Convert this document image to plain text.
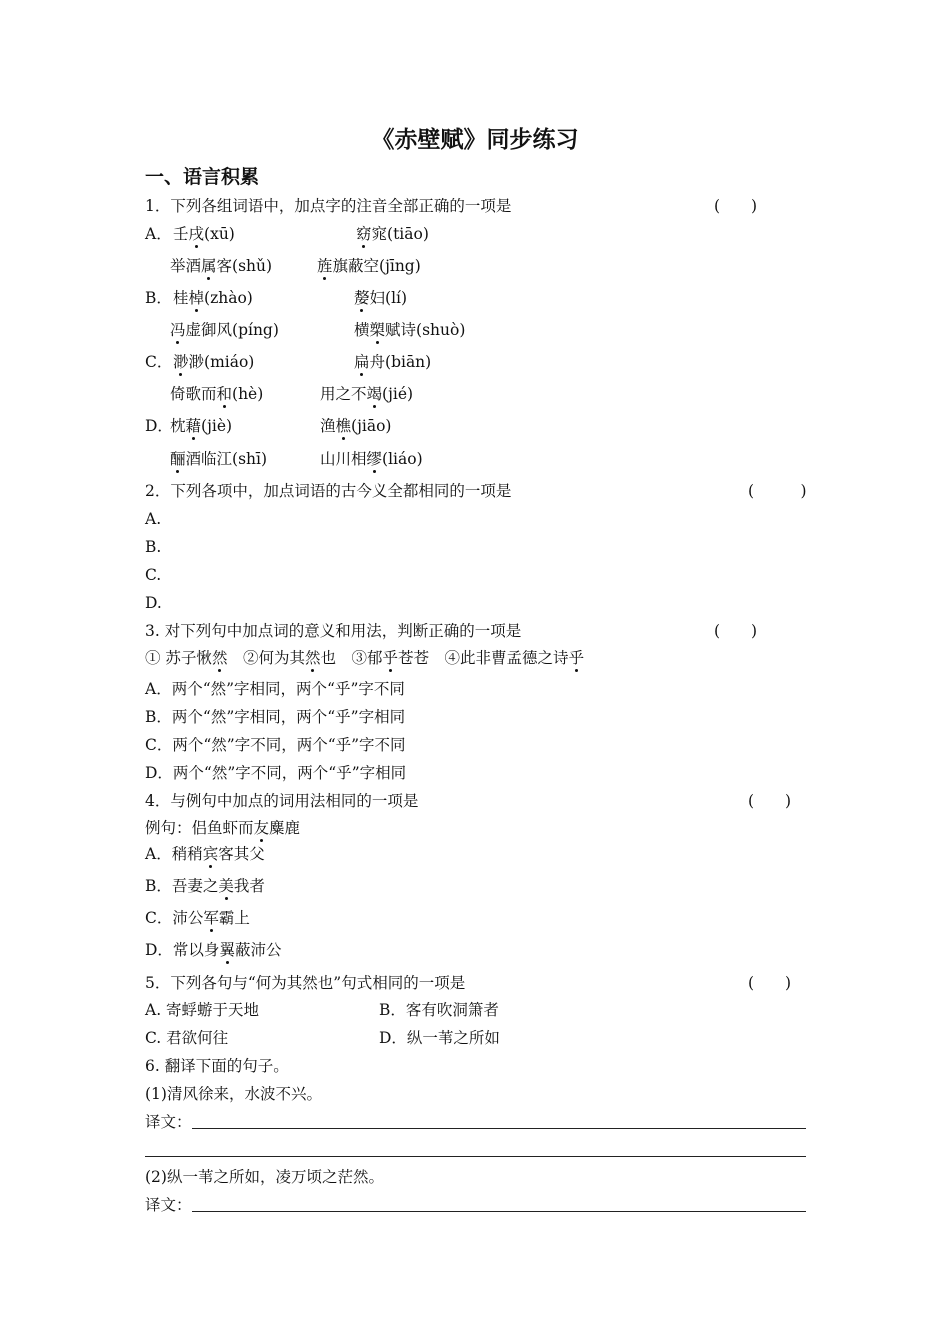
《赤壁赋》同步练习
一、语言积累
1．下列各组词语中，加点字的注音全部正确的一项是	(　　)
A． 壬戌(xū)	窈窕(tiāo)
举酒属客(shǔ)	旌旗蔽空(jīng)
B． 桂棹(zhào)	嫠妇(lí)
冯虚御风(píng)	横槊赋诗(shuò)
C． 渺渺(miáo)	扁舟(biān)
倚歌而和(hè)	用之不竭(jié)
D．
枕藉(jiè)	渔樵(jiāo)
酾酒临江(shī)	山川相缪(liáo)
2．下列各项中，加点词语的古今义全都相同的一项是	(　　　)
A.
B.
C.
D.
3. 对下列句中加点词的意义和用法，判断正确的一项是	(　　)
① 苏子愀然　②何为其然也　③郁乎苍苍　④此非曹孟德之诗乎
A．两个“然”字相同，两个“乎”字不同
B．两个“然”字相同，两个“乎”字相同
C．两个“然”字不同，两个“乎”字不同
D．两个“然”字不同，两个“乎”字相同
4．与例句中加点的词用法相同的一项是	(　　)
例句：侣鱼虾而友麋鹿
A．稍稍宾客其父
B．吾妻之美我者
C．沛公军霸上
D．常以身翼蔽沛公
5．下列各句与“何为其然也”句式相同的一项是	(　　)
A. 寄蜉蝣于天地	B．客有吹洞箫者
C. 君欲何往	D．纵一苇之所如
6. 翻译下面的句子。
(1)清风徐来，水波不兴。
译文：
(2)纵一苇之所如，凌万顷之茫然。
译文：
